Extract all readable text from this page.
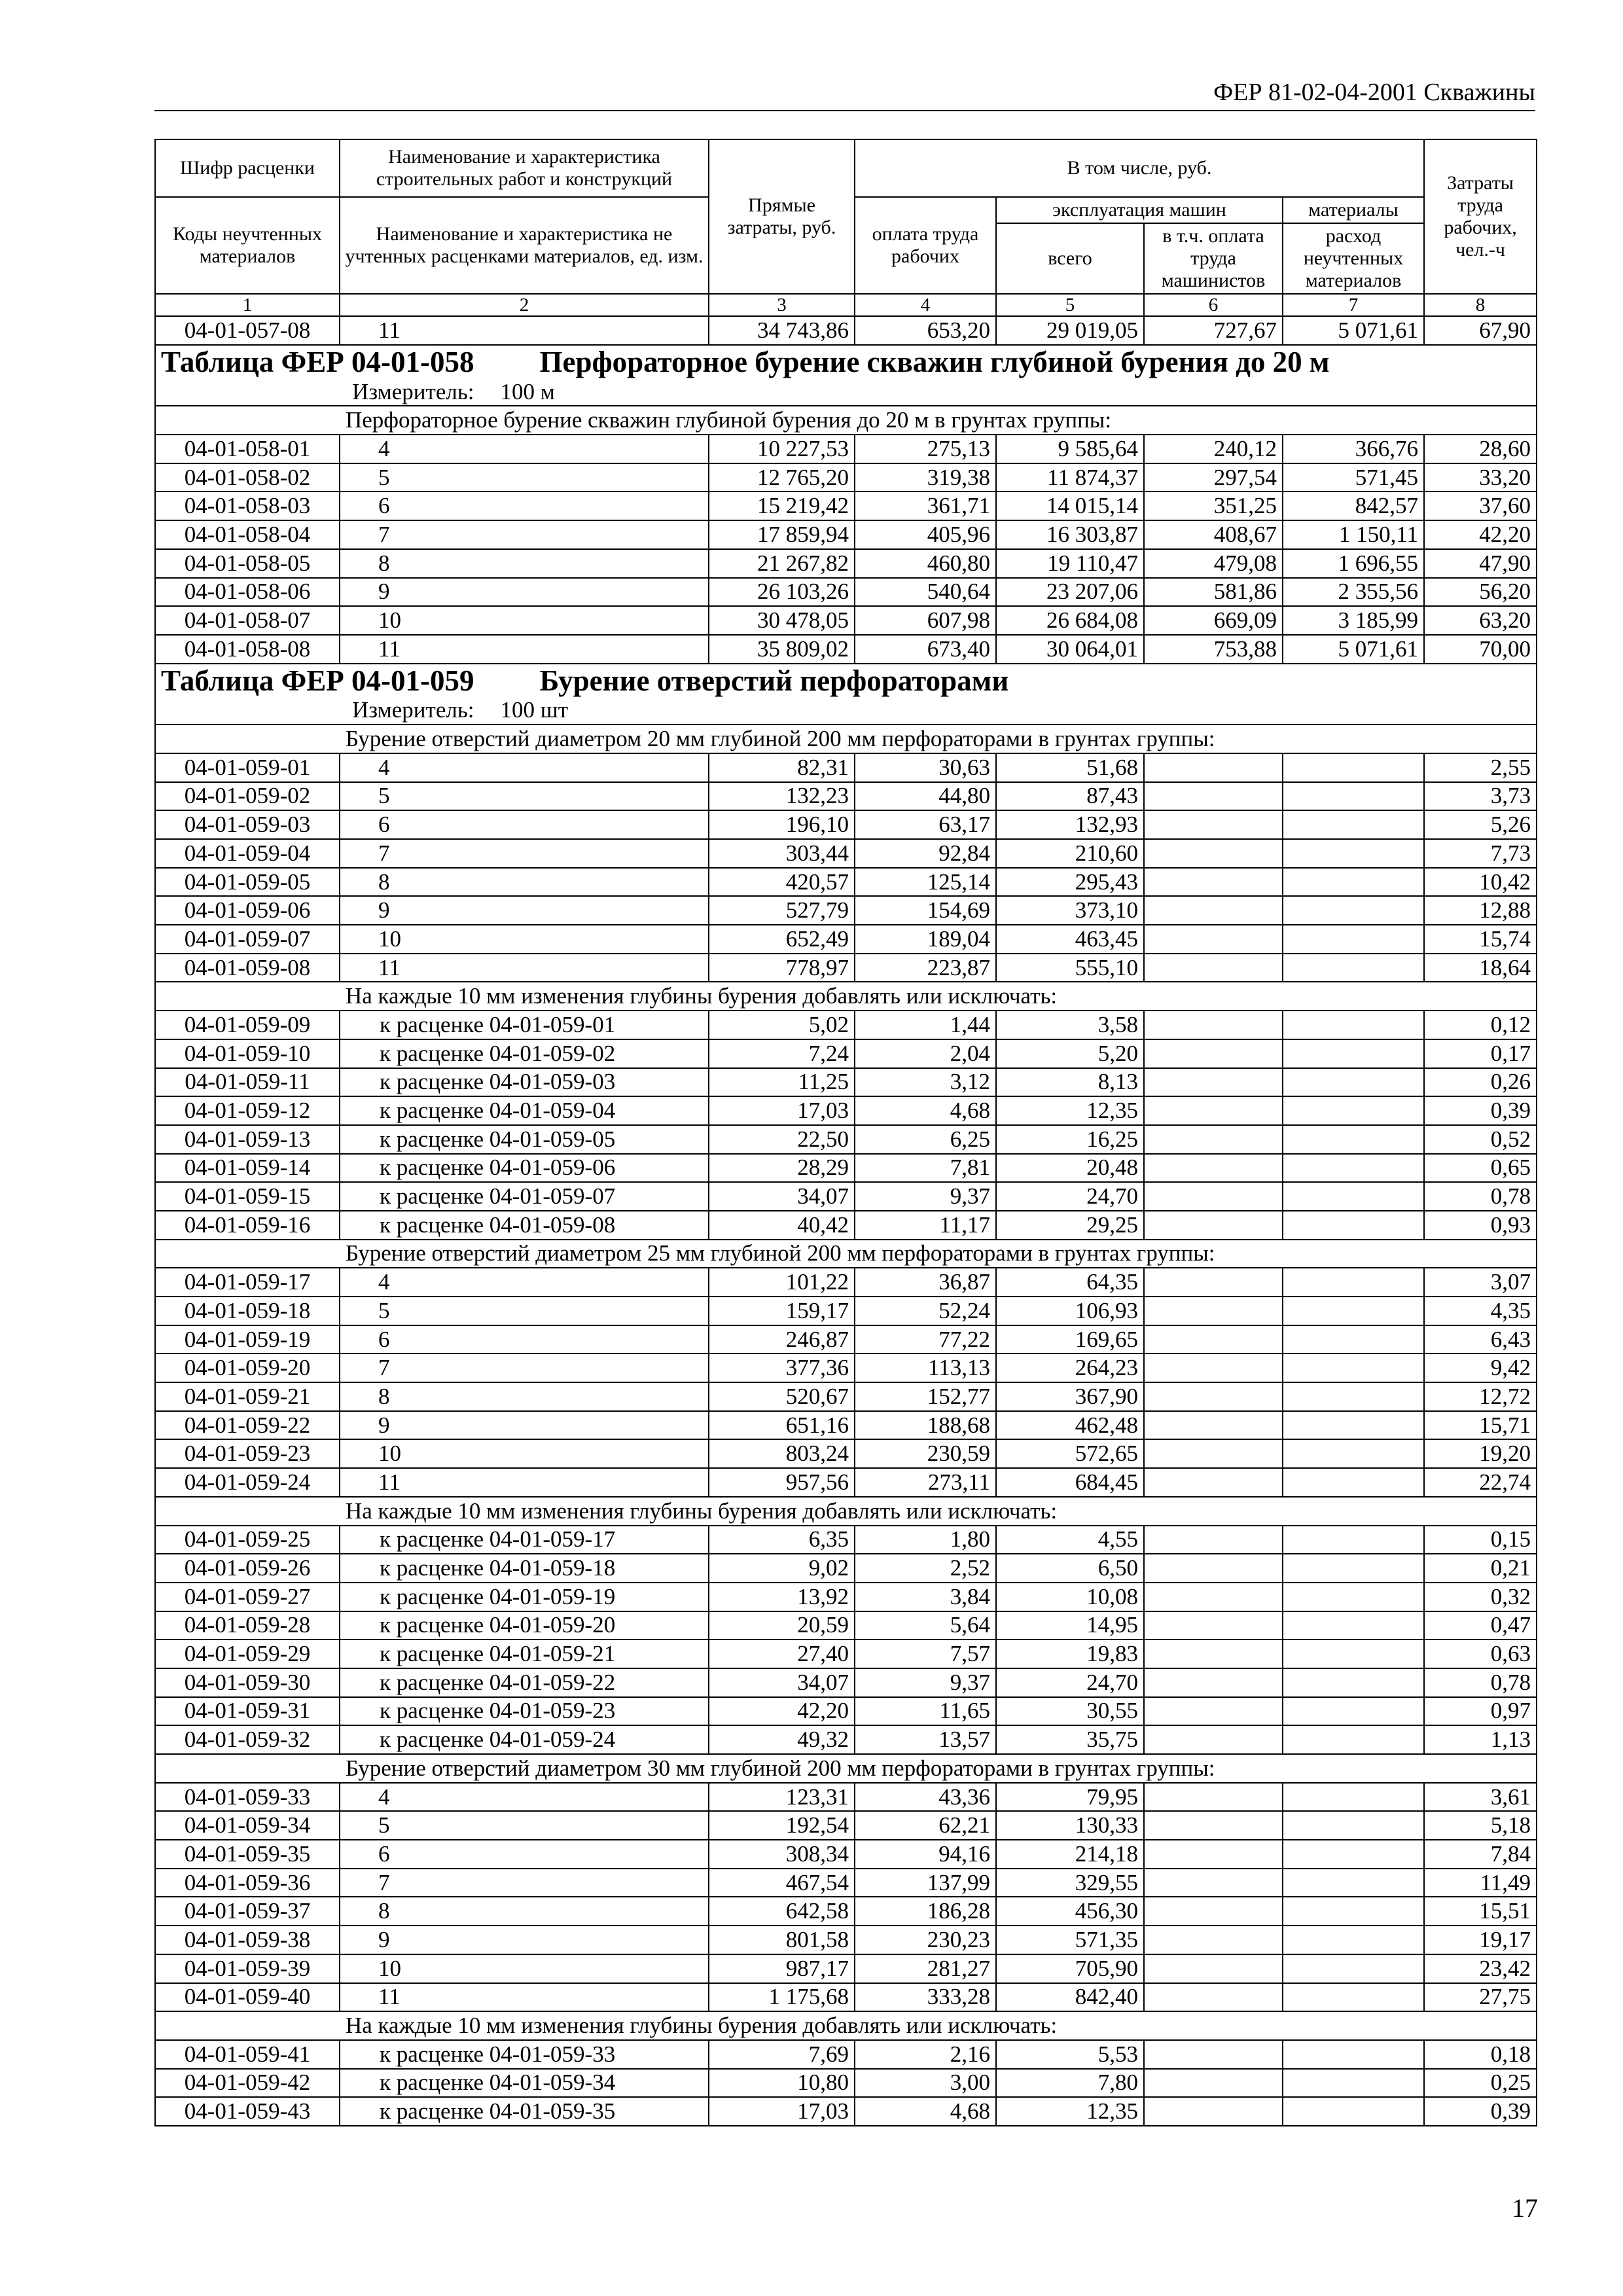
ФЕР 81-02-04-2001 Скважины
Шифр расценки	Наименование и характеристика строительных работ и конструкций	Прямые затраты, руб.	В том числе, руб.				Затраты труда рабочих, чел.-ч
Коды неучтенных материалов	Наименование и характеристика не учтенных расценками материалов, ед. изм.		оплата труда рабочих	эксплуатация машин		материалы	
				всего	в т.ч. оплата труда машинистов	расход неучтенных материалов	
1	2	3	4	5	6	7	8
04-01-057-08	11	34 743,86	653,20	29 019,05	727,67	5 071,61	67,90
Таблица ФЕР 04-01-058 Перфораторное бурение скважин глубиной бурения до 20 м							
Измеритель: 100 м							
Перфораторное бурение скважин глубиной бурения до 20 м в грунтах группы:							
04-01-058-01	4	10 227,53	275,13	9 585,64	240,12	366,76	28,60
04-01-058-02	5	12 765,20	319,38	11 874,37	297,54	571,45	33,20
04-01-058-03	6	15 219,42	361,71	14 015,14	351,25	842,57	37,60
04-01-058-04	7	17 859,94	405,96	16 303,87	408,67	1 150,11	42,20
04-01-058-05	8	21 267,82	460,80	19 110,47	479,08	1 696,55	47,90
04-01-058-06	9	26 103,26	540,64	23 207,06	581,86	2 355,56	56,20
04-01-058-07	10	30 478,05	607,98	26 684,08	669,09	3 185,99	63,20
04-01-058-08	11	35 809,02	673,40	30 064,01	753,88	5 071,61	70,00
Таблица ФЕР 04-01-059 Бурение отверстий перфораторами							
Измеритель: 100 шт							
Бурение отверстий диаметром 20 мм глубиной 200 мм перфораторами в грунтах группы:							
04-01-059-01	4	82,31	30,63	51,68			2,55
04-01-059-02	5	132,23	44,80	87,43			3,73
04-01-059-03	6	196,10	63,17	132,93			5,26
04-01-059-04	7	303,44	92,84	210,60			7,73
04-01-059-05	8	420,57	125,14	295,43			10,42
04-01-059-06	9	527,79	154,69	373,10			12,88
04-01-059-07	10	652,49	189,04	463,45			15,74
04-01-059-08	11	778,97	223,87	555,10			18,64
На каждые 10 мм изменения глубины бурения добавлять или исключать:							
04-01-059-09	к расценке 04-01-059-01	5,02	1,44	3,58			0,12
04-01-059-10	к расценке 04-01-059-02	7,24	2,04	5,20			0,17
04-01-059-11	к расценке 04-01-059-03	11,25	3,12	8,13			0,26
04-01-059-12	к расценке 04-01-059-04	17,03	4,68	12,35			0,39
04-01-059-13	к расценке 04-01-059-05	22,50	6,25	16,25			0,52
04-01-059-14	к расценке 04-01-059-06	28,29	7,81	20,48			0,65
04-01-059-15	к расценке 04-01-059-07	34,07	9,37	24,70			0,78
04-01-059-16	к расценке 04-01-059-08	40,42	11,17	29,25			0,93
Бурение отверстий диаметром 25 мм глубиной 200 мм перфораторами в грунтах группы:							
04-01-059-17	4	101,22	36,87	64,35			3,07
04-01-059-18	5	159,17	52,24	106,93			4,35
04-01-059-19	6	246,87	77,22	169,65			6,43
04-01-059-20	7	377,36	113,13	264,23			9,42
04-01-059-21	8	520,67	152,77	367,90			12,72
04-01-059-22	9	651,16	188,68	462,48			15,71
04-01-059-23	10	803,24	230,59	572,65			19,20
04-01-059-24	11	957,56	273,11	684,45			22,74
На каждые 10 мм изменения глубины бурения добавлять или исключать:							
04-01-059-25	к расценке 04-01-059-17	6,35	1,80	4,55			0,15
04-01-059-26	к расценке 04-01-059-18	9,02	2,52	6,50			0,21
04-01-059-27	к расценке 04-01-059-19	13,92	3,84	10,08			0,32
04-01-059-28	к расценке 04-01-059-20	20,59	5,64	14,95			0,47
04-01-059-29	к расценке 04-01-059-21	27,40	7,57	19,83			0,63
04-01-059-30	к расценке 04-01-059-22	34,07	9,37	24,70			0,78
04-01-059-31	к расценке 04-01-059-23	42,20	11,65	30,55			0,97
04-01-059-32	к расценке 04-01-059-24	49,32	13,57	35,75			1,13
Бурение отверстий диаметром 30 мм глубиной 200 мм перфораторами в грунтах группы:							
04-01-059-33	4	123,31	43,36	79,95			3,61
04-01-059-34	5	192,54	62,21	130,33			5,18
04-01-059-35	6	308,34	94,16	214,18			7,84
04-01-059-36	7	467,54	137,99	329,55			11,49
04-01-059-37	8	642,58	186,28	456,30			15,51
04-01-059-38	9	801,58	230,23	571,35			19,17
04-01-059-39	10	987,17	281,27	705,90			23,42
04-01-059-40	11	1 175,68	333,28	842,40			27,75
На каждые 10 мм изменения глубины бурения добавлять или исключать:							
04-01-059-41	к расценке 04-01-059-33	7,69	2,16	5,53			0,18
04-01-059-42	к расценке 04-01-059-34	10,80	3,00	7,80			0,25
04-01-059-43	к расценке 04-01-059-35	17,03	4,68	12,35			0,39
17
